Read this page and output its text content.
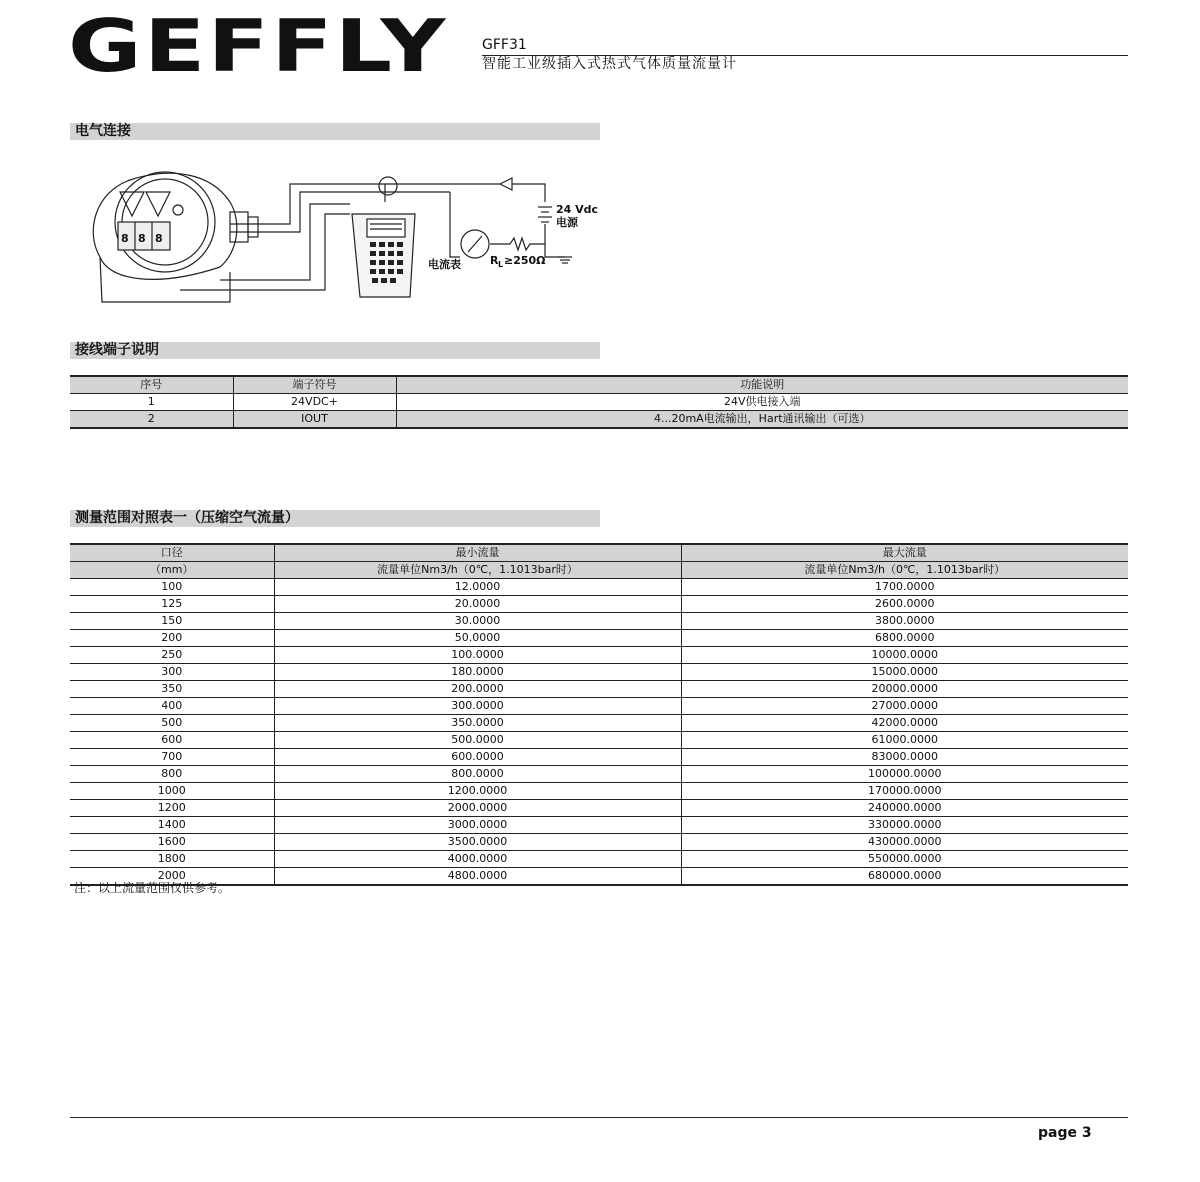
GEFFLY GFF31
智能工业级插入式热式气体质量流量计
电气连接
8 8 8
24 Vdc
电源
电流表	R L ≥250Ω
接线端子说明
序号	端子符号	功能说明
1	24VDC+	24V供电接入端
2	IOUT	4...20mA电流输出，Hart通讯输出（可选）
测量范围对照表一（压缩空气流量）
口径	最小流量	最大流量
（mm）	流量单位Nm3/h（0℃，1.1013bar时）	流量单位Nm3/h（0℃，1.1013bar时）
100	12.0000	1700.0000
125	20.0000	2600.0000
150	30.0000	3800.0000
200	50.0000	6800.0000
250	100.0000	10000.0000
300	180.0000	15000.0000
350	200.0000	20000.0000
400	300.0000	27000.0000
500	350.0000	42000.0000
600	500.0000	61000.0000
700	600.0000	83000.0000
800	800.0000	100000.0000
1000	1200.0000	170000.0000
1200	2000.0000	240000.0000
1400	3000.0000	330000.0000
1600	3500.0000	430000.0000
1800	4000.0000	550000.0000
2000	4800.0000	680000.0000
注：以上流量范围仅供参考。
page 3
